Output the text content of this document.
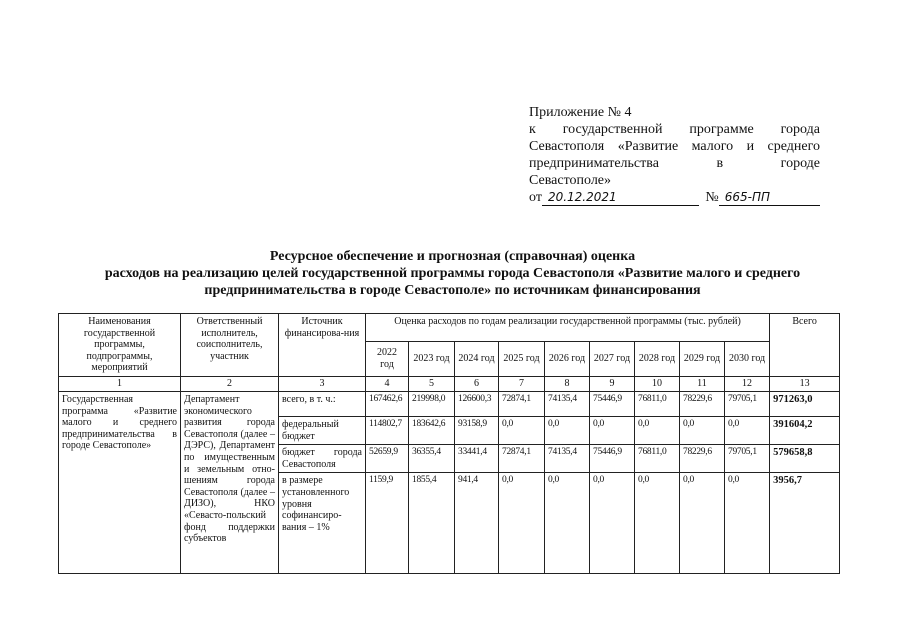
Приложение № 4
к государственной программе города
Севастополя «Развитие малого и среднего
предпринимательства в городе
Севастополе»
от 20.12.2021	№ 665-ПП
Ресурсное обеспечение и прогнозная (справочная) оценка
расходов на реализацию целей государственной программы города Севастополя «Развитие малого и среднего
предпринимательства в городе Севастополе» по источникам финансирования
Наименования государственной программы, подпрограммы, мероприятий	Ответственный исполнитель, соисполнитель, участник	Источник финансирова-ния	Оценка расходов по годам реализации государственной программы (тыс. рублей)									Всего
			2022 год	2023 год	2024 год	2025 год	2026 год	2027 год	2028 год	2029 год	2030 год	
1	2	3	4	5	6	7	8	9	10	11	12	13
Государственная программа «Развитие малого и среднего предпринимательства в городе Севастополе»	Департамент экономического развития города Севастополя (далее – ДЭРС), Департамент по имущественным и земельным отно-шениям города Севастополя (далее – ДИЗО), НКО «Севасто-польский фонд поддержки субъектов	всего, в т. ч.:	167462,6	219998,0	126600,3	72874,1	74135,4	75446,9	76811,0	78229,6	79705,1	971263,0
		федеральный бюджет	114802,7	183642,6	93158,9	0,0	0,0	0,0	0,0	0,0	0,0	391604,2
		бюджет города Севастополя	52659,9	36355,4	33441,4	72874,1	74135,4	75446,9	76811,0	78229,6	79705,1	579658,8
		в размере установленного уровня софинансиро-вания – 1%	1159,9	1855,4	941,4	0,0	0,0	0,0	0,0	0,0	0,0	3956,7
